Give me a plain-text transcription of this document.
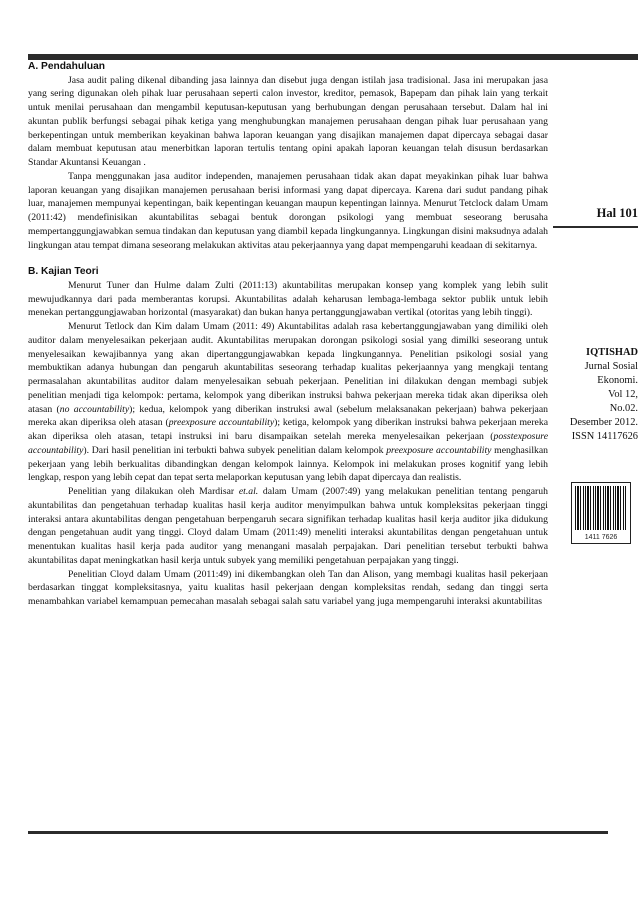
A. Pendahuluan

Jasa audit paling dikenal dibanding jasa lainnya dan disebut juga dengan istilah jasa tradisional. Jasa ini merupakan jasa yang sering digunakan oleh pihak luar perusahaan seperti calon investor, kreditor, pemasok, Bapepam dan pihak lain yang terkait untuk menilai perusahaan dan mengambil keputusan-keputusan yang berhubungan dengan perusahaan tersebut. Dalam hal ini akuntan publik berfungsi sebagai pihak ketiga yang menghubungkan manajemen perusahaan dengan pihak luar perusahaan yang berkepentingan untuk memberikan keyakinan bahwa laporan keuangan yang disajikan manajemen dapat dipercaya sebagai dasar dalam membuat keputusan atau menerbitkan laporan tertulis tentang opini apakah laporan keuangan telah disusun berdasarkan Standar Akuntansi Keuangan .

Tanpa menggunakan jasa auditor independen, manajemen perusahaan tidak akan dapat meyakinkan pihak luar bahwa laporan keuangan yang disajikan manajemen perusahaan berisi informasi yang dapat dipercaya. Karena dari sudut pandang pihak luar, manajemen mempunyai kepentingan, baik kepentingan keuangan maupun kepentingan lainnya. Menurut Tetclock dalam Umam (2011:42) mendefinisikan akuntabilitas sebagai bentuk dorongan psikologi yang membuat seseorang berusaha mempertanggungjawabkan semua tindakan dan keputusan yang diambil kepada lingkungannya. Lingkungan disini maksudnya adalah lingkungan atau tempat dimana seseorang melakukan aktivitas atau pekerjaannya yang dapat mempengaruhi keadaan di sekitarnya.

B. Kajian Teori

Menurut Tuner dan Hulme dalam Zulti (2011:13) akuntabilitas merupakan konsep yang komplek yang lebih sulit mewujudkannya dari pada memberantas korupsi. Akuntabilitas adalah keharusan lembaga-lembaga sektor publik untuk lebih menekan pertanggungjawaban horizontal (masyarakat) dan bukan hanya pertanggungjawaban vertikal (otoritas yang lebih tinggi).

Menurut Tetlock dan Kim dalam Umam (2011: 49) Akuntabilitas adalah rasa kebertanggungjawaban yang dimiliki oleh auditor dalam menyelesaikan pekerjaan audit. Akuntabilitas merupakan dorongan psikologi sosial yang dimilki seseorang untuk menyelesaikan kewajibannya yang akan dipertanggungjawabkan kepada lingkungannya. Penelitian psikologi sosial yang membuktikan adanya hubungan dan pengaruh akuntabilitas seseorang terhadap kualitas pekerjaannya yang mengkaji tentang permasalahan akuntabilitas auditor dalam menyelesaikan sebuah pekerjaan. Penelitian ini dilakukan dengan membagi subjek penelitian menjadi tiga kelompok: pertama, kelompok yang diberikan instruksi bahwa pekerjaan mereka tidak akan diperiksa oleh atasan (no accountability); kedua, kelompok yang diberikan instruksi awal (sebelum melaksanakan pekerjaan) bahwa pekerjaan mereka akan diperiksa oleh atasan (preexposure accountability); ketiga, kelompok yang diberikan instruksi bahwa pekerjaan mereka akan diperiksa oleh atasan, tetapi instruksi ini baru disampaikan setelah mereka menyelesaikan pekerjaan (posstexposure accountability). Dari hasil penelitian ini terbukti bahwa subyek penelitian dalam kelompok preexposure accountability menghasilkan pekerjaan yang lebih berkualitas dibandingkan dengan kelompok lainnya. Kelompok ini melakukan proses kognitif yang lebih lengkap, respon yang lebih cepat dan tepat serta melaporkan keputusan yang lebih dapat dipercaya dan realistis.

Penelitian yang dilakukan oleh Mardisar et.al. dalam Umam (2007:49) yang melakukan penelitian tentang pengaruh akuntabilitas dan pengetahuan terhadap kualitas hasil kerja auditor menyimpulkan bahwa untuk kompleksitas pekerjaan tinggi interaksi antara akuntabilitas dengan pengetahuan berpengaruh secara signifikan terhadap kualitas hasil kerja auditor jika didukung dengan pengetahuan audit yang tinggi. Cloyd dalam Umam (2011:49) meneliti interaksi akuntabilitas dengan pengetahuan untuk menentukan kualitas hasil kerja pada auditor yang menangani masalah perpajakan. Dari penelitian tersebut terbukti bahwa akuntabilitas dapat meningkatkan hasil kerja untuk subyek yang memiliki pengetahuan perpajakan yang tinggi.

Penelitian Cloyd dalam Umam (2011:49) ini dikembangkan oleh Tan dan Alison, yang membagi kualitas hasil pekerjaan berdasarkan tinggat kompleksitasnya, yaitu kualitas hasil pekerjaan dengan kompleksitas rendah, sedang dan tinggi serta menambahkan variabel kemampuan pemecahan masalah sebagai salah satu variabel yang juga mempengaruhi interaksi akuntabilitas

Hal 101
IQTISHAD
Jurnal Sosial
Ekonomi.
Vol 12,
No.02.
Desember 2012.
ISSN 14117626
1411 7626
